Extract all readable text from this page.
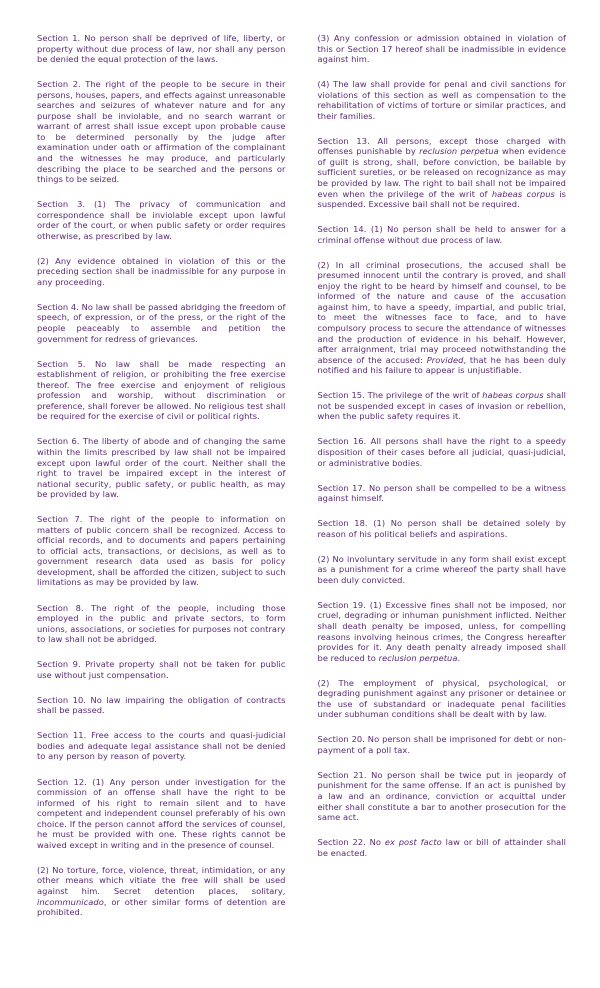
Section 1. No person shall be deprived of life, liberty, or property without due process of law, nor shall any person be denied the equal protection of the laws.

Section 2. The right of the people to be secure in their persons, houses, papers, and effects against unreasonable searches and seizures of whatever nature and for any purpose shall be inviolable, and no search warrant or warrant of arrest shall issue except upon probable cause to be determined personally by the judge after examination under oath or affirmation of the complainant and the witnesses he may produce, and particularly describing the place to be searched and the persons or things to be seized.

Section 3. (1) The privacy of communication and correspondence shall be inviolable except upon lawful order of the court, or when public safety or order requires otherwise, as prescribed by law.

(2) Any evidence obtained in violation of this or the preceding section shall be inadmissible for any purpose in any proceeding.

Section 4. No law shall be passed abridging the freedom of speech, of expression, or of the press, or the right of the people peaceably to assemble and petition the government for redress of grievances.

Section 5. No law shall be made respecting an establishment of religion, or prohibiting the free exercise thereof. The free exercise and enjoyment of religious profession and worship, without discrimination or preference, shall forever be allowed. No religious test shall be required for the exercise of civil or political rights.

Section 6. The liberty of abode and of changing the same within the limits prescribed by law shall not be impaired except upon lawful order of the court. Neither shall the right to travel be impaired except in the interest of national security, public safety, or public health, as may be provided by law.

Section 7. The right of the people to information on matters of public concern shall be recognized. Access to official records, and to documents and papers pertaining to official acts, transactions, or decisions, as well as to government research data used as basis for policy development, shall be afforded the citizen, subject to such limitations as may be provided by law.

Section 8. The right of the people, including those employed in the public and private sectors, to form unions, associations, or societies for purposes not contrary to law shall not be abridged.

Section 9. Private property shall not be taken for public use without just compensation.

Section 10. No law impairing the obligation of contracts shall be passed.

Section 11. Free access to the courts and quasi-judicial bodies and adequate legal assistance shall not be denied to any person by reason of poverty.

Section 12. (1) Any person under investigation for the commission of an offense shall have the right to be informed of his right to remain silent and to have competent and independent counsel preferably of his own choice. If the person cannot afford the services of counsel, he must be provided with one. These rights cannot be waived except in writing and in the presence of counsel.

(2) No torture, force, violence, threat, intimidation, or any other means which vitiate the free will shall be used against him. Secret detention places, solitary, incommunicado, or other similar forms of detention are prohibited.

(3) Any confession or admission obtained in violation of this or Section 17 hereof shall be inadmissible in evidence against him.

(4) The law shall provide for penal and civil sanctions for violations of this section as well as compensation to the rehabilitation of victims of torture or similar practices, and their families.

Section 13. All persons, except those charged with offenses punishable by reclusion perpetua when evidence of guilt is strong, shall, before conviction, be bailable by sufficient sureties, or be released on recognizance as may be provided by law. The right to bail shall not be impaired even when the privilege of the writ of habeas corpus is suspended. Excessive bail shall not be required.

Section 14. (1) No person shall be held to answer for a criminal offense without due process of law.

(2) In all criminal prosecutions, the accused shall be presumed innocent until the contrary is proved, and shall enjoy the right to be heard by himself and counsel, to be informed of the nature and cause of the accusation against him, to have a speedy, impartial, and public trial, to meet the witnesses face to face, and to have compulsory process to secure the attendance of witnesses and the production of evidence in his behalf. However, after arraignment, trial may proceed notwithstanding the absence of the accused: Provided, that he has been duly notified and his failure to appear is unjustifiable.

Section 15. The privilege of the writ of habeas corpus shall not be suspended except in cases of invasion or rebellion, when the public safety requires it.

Section 16. All persons shall have the right to a speedy disposition of their cases before all judicial, quasi-judicial, or administrative bodies.

Section 17. No person shall be compelled to be a witness against himself.

Section 18. (1) No person shall be detained solely by reason of his political beliefs and aspirations.

(2) No involuntary servitude in any form shall exist except as a punishment for a crime whereof the party shall have been duly convicted.

Section 19. (1) Excessive fines shall not be imposed, nor cruel, degrading or inhuman punishment inflicted. Neither shall death penalty be imposed, unless, for compelling reasons involving heinous crimes, the Congress hereafter provides for it. Any death penalty already imposed shall be reduced to reclusion perpetua.

(2) The employment of physical, psychological, or degrading punishment against any prisoner or detainee or the use of substandard or inadequate penal facilities under subhuman conditions shall be dealt with by law.

Section 20. No person shall be imprisoned for debt or non-payment of a poll tax.

Section 21. No person shall be twice put in jeopardy of punishment for the same offense. If an act is punished by a law and an ordinance, conviction or acquittal under either shall constitute a bar to another prosecution for the same act.

Section 22. No ex post facto law or bill of attainder shall be enacted.
